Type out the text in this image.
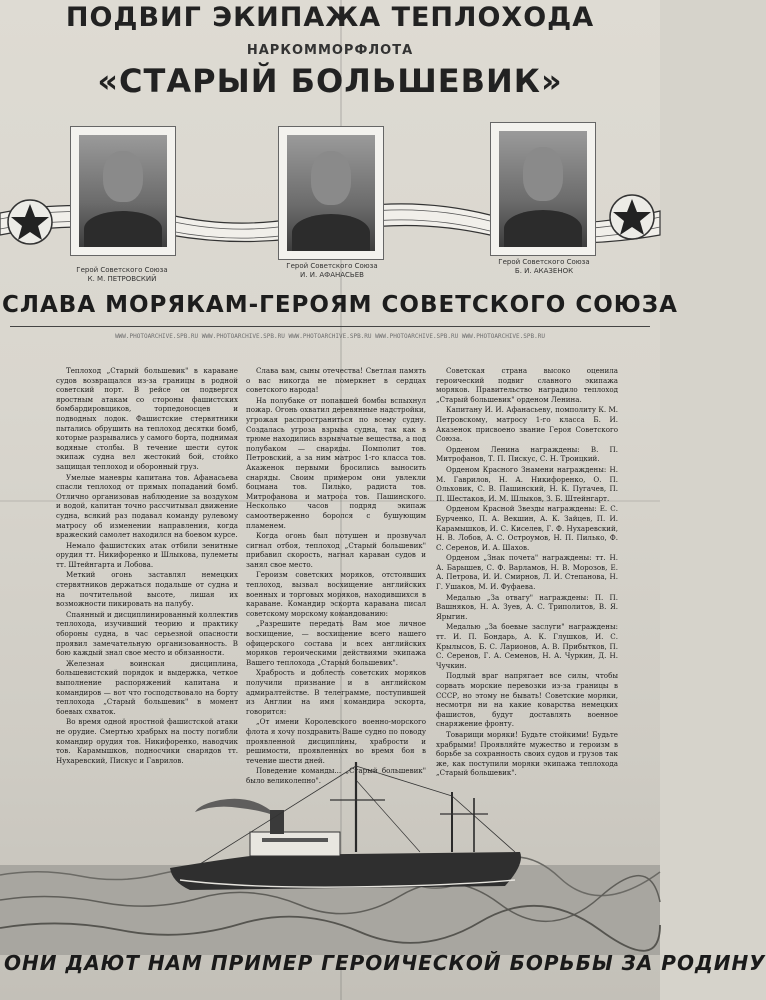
ПОДВИГ ЭКИПАЖА ТЕПЛОХОДА
НАРКОММОРФЛОТА
«СТАРЫЙ БОЛЬШЕВИК»
Герой Советского Союза
К. М. ПЕТРОВСКИЙ
Герой Советского Союза
И. И. АФАНАСЬЕВ
Герой Советского Союза
Б. И. АКАЗЕНОК
СЛАВА МОРЯКАМ-ГЕРОЯМ СОВЕТСКОГО СОЮЗА
WWW.PHOTOARCHIVE.SPB.RU WWW.PHOTOARCHIVE.SPB.RU WWW.PHOTOARCHIVE.SPB.RU WWW.PHOTOARCHIVE.SPB.RU WWW.PHOTOARCHIVE.SPB.RU

Теплоход „Старый большевик" в караване судов возвращался из-за границы в родной советский порт. В рейсе он подвергся яростным атакам со стороны фашистских бомбардировщиков, торпедоносцев и подводных лодок. Фашистские стервятники пытались обрушить на теплоход десятки бомб, которые разрывались у самого борта, поднимая водяные столбы. В течение шести суток экипаж судна вел жестокий бой, стойко защищая теплоход и оборонный груз.

Умелые маневры капитана тов. Афанасьева спасли теплоход от прямых попаданий бомб. Отлично организовав наблюдение за воздухом и водой, капитан точно рассчитывал движение судна, всякий раз подавал команду рулевому матросу об изменении направления, когда вражеский самолет находился на боевом курсе.

Немало фашистских атак отбили зенитные орудия тт. Никифоренко и Шлыкова, пулеметы тт. Штейнгарта и Лобова.

Меткий огонь заставлял немецких стервятников держаться подальше от судна и на почтительной высоте, лишая их возможности пикировать на палубу.

Спаянный и дисциплинированный коллектив теплохода, изучивший теорию и практику обороны судна, в час серьезной опасности проявил замечательную организованность. В бою каждый знал свое место и обязанности.

Железная воинская дисциплина, большевистский порядок и выдержка, четкое выполнение распоряжений капитана и командиров — вот что господствовало на борту теплохода „Старый большевик" в момент боевых схваток.

Во время одной яростной фашистской атаки не орудие. Смертью храбрых на посту погибли командир орудия тов. Никифоренко, наводчик тов. Карамышков, подносчики снарядов тт. Нухаревский, Пискус и Гаврилов.

Слава вам, сыны отечества! Светлая память о вас никогда не померкнет в сердцах советского народа!

На полубаке от попавшей бомбы вспыхнул пожар. Огонь охватил деревянные надстройки, угрожая распространиться по всему судну. Создалась угроза взрыва судна, так как в трюме находились взрывчатые вещества, а под полубаком — снаряды. Помполит тов. Петровский, а за ним матрос 1-го класса тов. Акаженок первыми бросились выносить снаряды. Своим примером они увлекли боцмана тов. Пилько, радиста тов. Митрофанова и матроса тов. Пашинского. Несколько часов подряд экипаж самоотверженно боролся с бушующим пламенем.

Когда огонь был потушен и прозвучал сигнал отбоя, теплоход „Старый большевик" прибавил скорость, нагнал караван судов и занял свое место.

Героизм советских моряков, отстоявших теплоход, вызвал восхищение английских военных и торговых моряков, находившихся в караване. Командир эскорта каравана писал советскому морскому командованию:

„Разрешите передать Вам мое личное восхищение, — восхищение всего нашего офицерского состава и всех английских моряков героическими действиями экипажа Вашего теплохода „Старый большевик".

Храбрость и доблесть советских моряков получили признание и в английском адмиралтействе. В телеграмме, поступившей из Англии на имя командира эскорта, говорится:

„От имени Королевского военно-морского флота я хочу поздравить Ваше судно по поводу проявленной дисциплины, храбрости и решимости, проявленных во время боя в течение шести дней.

Поведение команды... „Старый большевик" было великолепно".

Советская страна высоко оценила героический подвиг славного экипажа моряков. Правительство наградило теплоход „Старый большевик" орденом Ленина.

Капитану И. И. Афанасьеву, помполиту К. М. Петровскому, матросу 1-го класса Б. И. Аказенок присвоено звание Героя Советского Союза.

Орденом Ленина награждены: В. П. Митрофанов, Т. П. Пискус, С. Н. Троицкий.

Орденом Красного Знамени награждены: Н. М. Гаврилов, Н. А. Никифоренко, О. П. Ольховик, С. В. Пашинский, Н. К. Пугачев, П. П. Шестаков, И. М. Шлыков, З. Б. Штейнгарт.

Орденом Красной Звезды награждены: Е. С. Бурченко, П. А. Векшин, А. К. Зайцев, П. И. Карамышков, И. С. Киселев, Г. Ф. Нухаревский, Н. В. Лобов, А. С. Остроумов, Н. П. Пилько, Ф. С. Серенов, И. А. Шахов.

Орденом „Знак почета" награждены: тт. Н. А. Барышев, С. Ф. Варламов, Н. В. Морозов, Е. А. Петрова, И. И. Смирнов, Л. И. Степанова, Н. Г. Ушаков, М. И. Фуфаева.

Медалью „За отвагу" награждены: П. П. Вашняков, Н. А. Зуев, А. С. Триполитов, В. Я. Ярыгин.

Медалью „За боевые заслуги" награждены: тт. И. П. Бондарь, А. К. Глушков, И. С. Крылысов, Б. С. Ларионов, А. В. Прибытков, П. С. Серенов, Г. А. Семенов, Н. А. Чуркин, Д. Н. Чучкин.

Подлый враг напрягает все силы, чтобы сорвать морские перевозки из-за границы в СССР, но этому не бывать! Советские моряки, несмотря ни на какие коварства немецких фашистов, будут доставлять военное снаряжение фронту.

Товарищи моряки! Будьте стойкими! Будьте храбрыми! Проявляйте мужество и героизм в борьбе за сохранность своих судов и грузов так же, как поступили моряки экипажа теплохода „Старый большевик".

ОНИ ДАЮТ НАМ ПРИМЕР ГЕРОИЧЕСКОЙ БОРЬБЫ ЗА РОДИНУ
